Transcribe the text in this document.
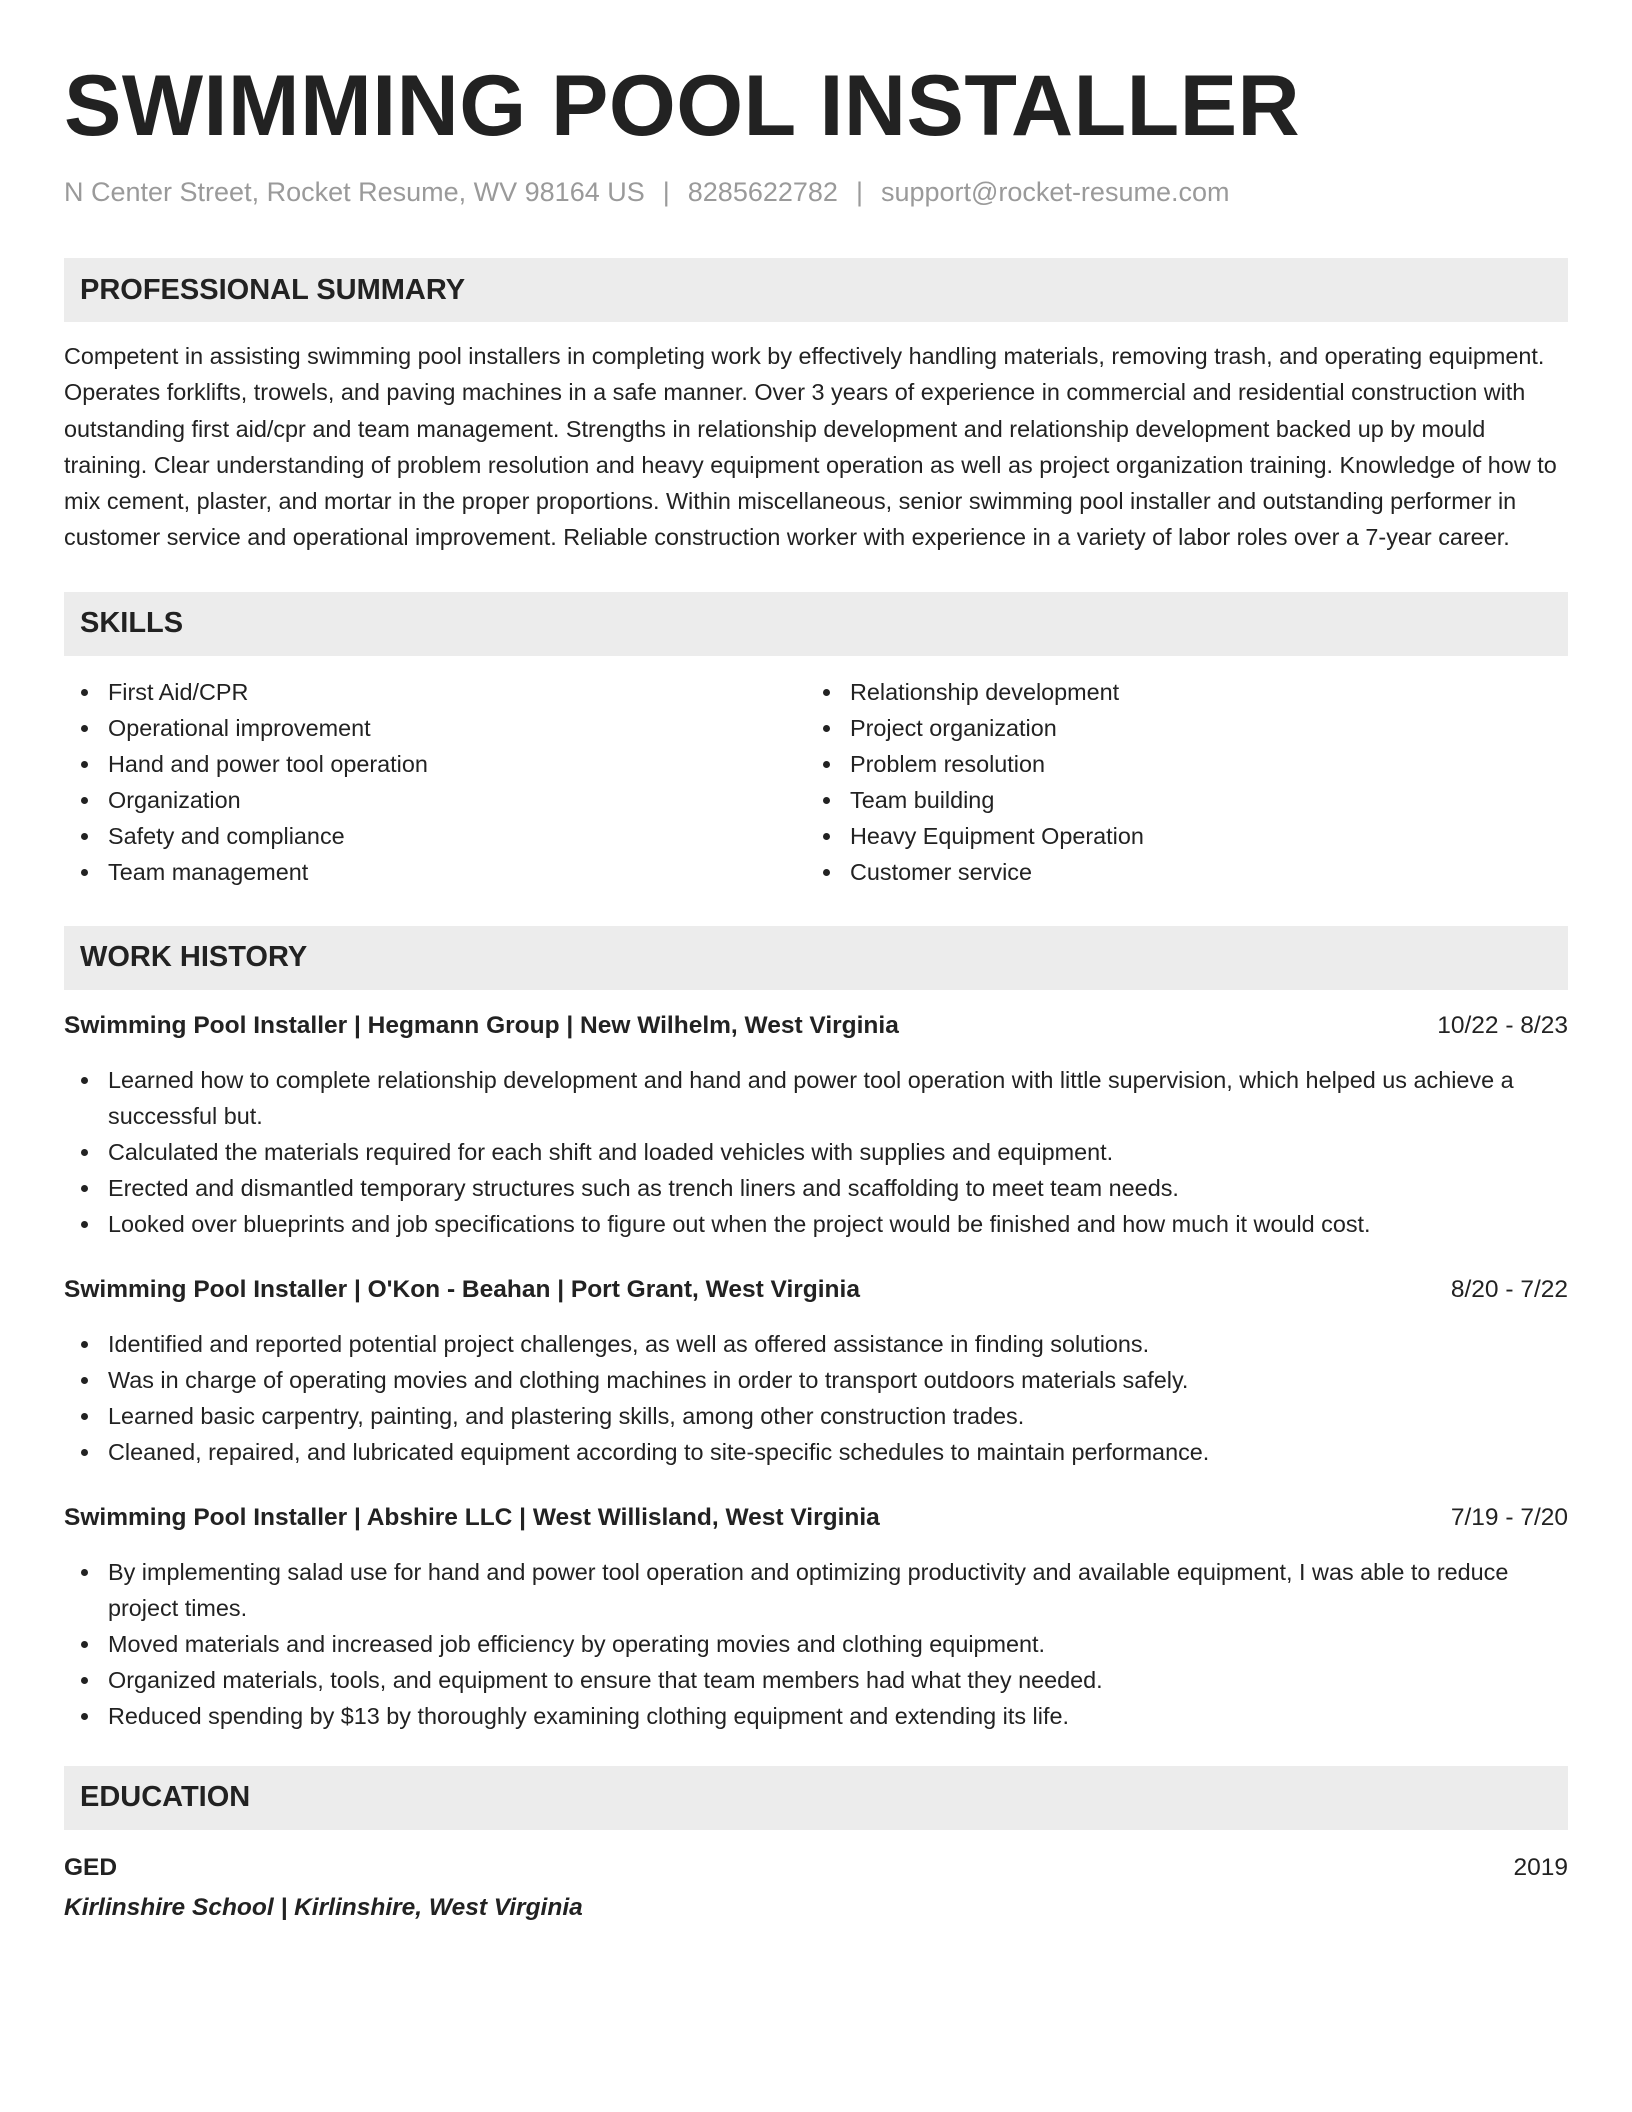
SWIMMING POOL INSTALLER
N Center Street, Rocket Resume, WV 98164 US | 8285622782 | support@rocket-resume.com
PROFESSIONAL SUMMARY
Competent in assisting swimming pool installers in completing work by effectively handling materials, removing trash, and operating equipment. Operates forklifts, trowels, and paving machines in a safe manner. Over 3 years of experience in commercial and residential construction with outstanding first aid/cpr and team management. Strengths in relationship development and relationship development backed up by mould training. Clear understanding of problem resolution and heavy equipment operation as well as project organization training. Knowledge of how to mix cement, plaster, and mortar in the proper proportions. Within miscellaneous, senior swimming pool installer and outstanding performer in customer service and operational improvement. Reliable construction worker with experience in a variety of labor roles over a 7-year career.
SKILLS
First Aid/CPR
Operational improvement
Hand and power tool operation
Organization
Safety and compliance
Team management
Relationship development
Project organization
Problem resolution
Team building
Heavy Equipment Operation
Customer service
WORK HISTORY
Swimming Pool Installer | Hegmann Group | New Wilhelm, West Virginia	10/22 - 8/23
Learned how to complete relationship development and hand and power tool operation with little supervision, which helped us achieve a successful but.
Calculated the materials required for each shift and loaded vehicles with supplies and equipment.
Erected and dismantled temporary structures such as trench liners and scaffolding to meet team needs.
Looked over blueprints and job specifications to figure out when the project would be finished and how much it would cost.
Swimming Pool Installer | O'Kon - Beahan | Port Grant, West Virginia	8/20 - 7/22
Identified and reported potential project challenges, as well as offered assistance in finding solutions.
Was in charge of operating movies and clothing machines in order to transport outdoors materials safely.
Learned basic carpentry, painting, and plastering skills, among other construction trades.
Cleaned, repaired, and lubricated equipment according to site-specific schedules to maintain performance.
Swimming Pool Installer | Abshire LLC | West Willisland, West Virginia	7/19 - 7/20
By implementing salad use for hand and power tool operation and optimizing productivity and available equipment, I was able to reduce project times.
Moved materials and increased job efficiency by operating movies and clothing equipment.
Organized materials, tools, and equipment to ensure that team members had what they needed.
Reduced spending by $13 by thoroughly examining clothing equipment and extending its life.
EDUCATION
GED	2019
Kirlinshire School | Kirlinshire, West Virginia
